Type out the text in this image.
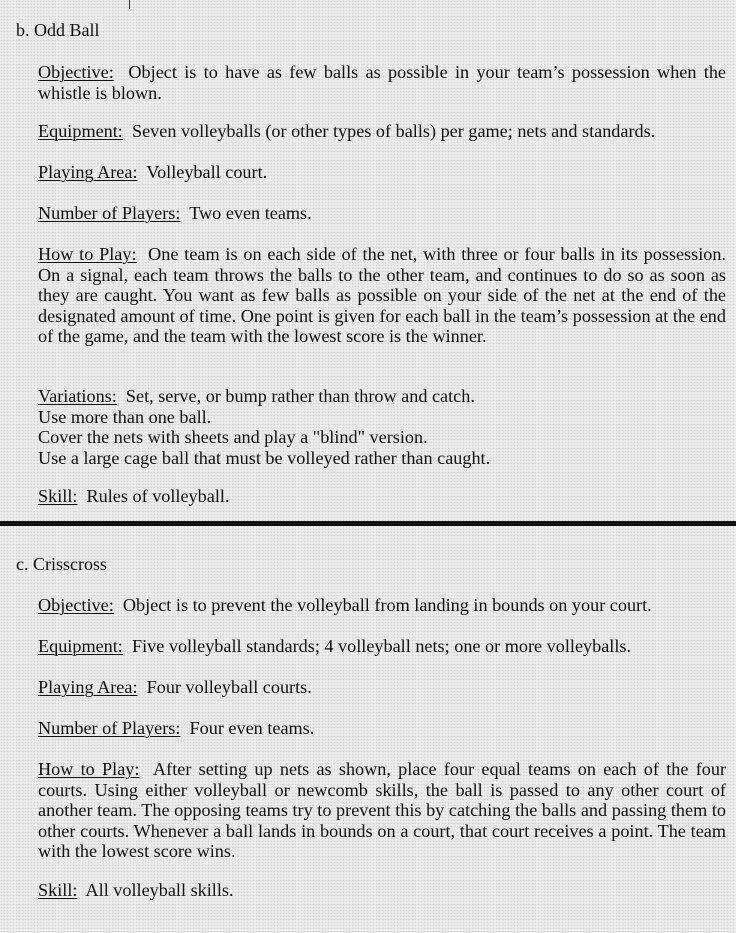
b. Odd Ball
Objective: Object is to have as few balls as possible in your team’s possession when the whistle is blown.
Equipment: Seven volleyballs (or other types of balls) per game; nets and standards.
Playing Area: Volleyball court.
Number of Players: Two even teams.
How to Play: One team is on each side of the net, with three or four balls in its possession. On a signal, each team throws the balls to the other team, and continues to do so as soon as they are caught. You want as few balls as possible on your side of the net at the end of the designated amount of time. One point is given for each ball in the team’s possession at the end of the game, and the team with the lowest score is the winner.
Variations: Set, serve, or bump rather than throw and catch.
Use more than one ball.
Cover the nets with sheets and play a "blind" version.
Use a large cage ball that must be volleyed rather than caught.
Skill: Rules of volleyball.
c. Crisscross
Objective: Object is to prevent the volleyball from landing in bounds on your court.
Equipment: Five volleyball standards; 4 volleyball nets; one or more volleyballs.
Playing Area: Four volleyball courts.
Number of Players: Four even teams.
How to Play: After setting up nets as shown, place four equal teams on each of the four courts. Using either volleyball or newcomb skills, the ball is passed to any other court of another team. The opposing teams try to prevent this by catching the balls and passing them to other courts. Whenever a ball lands in bounds on a court, that court receives a point. The team with the lowest score wins.
Skill: All volleyball skills.
